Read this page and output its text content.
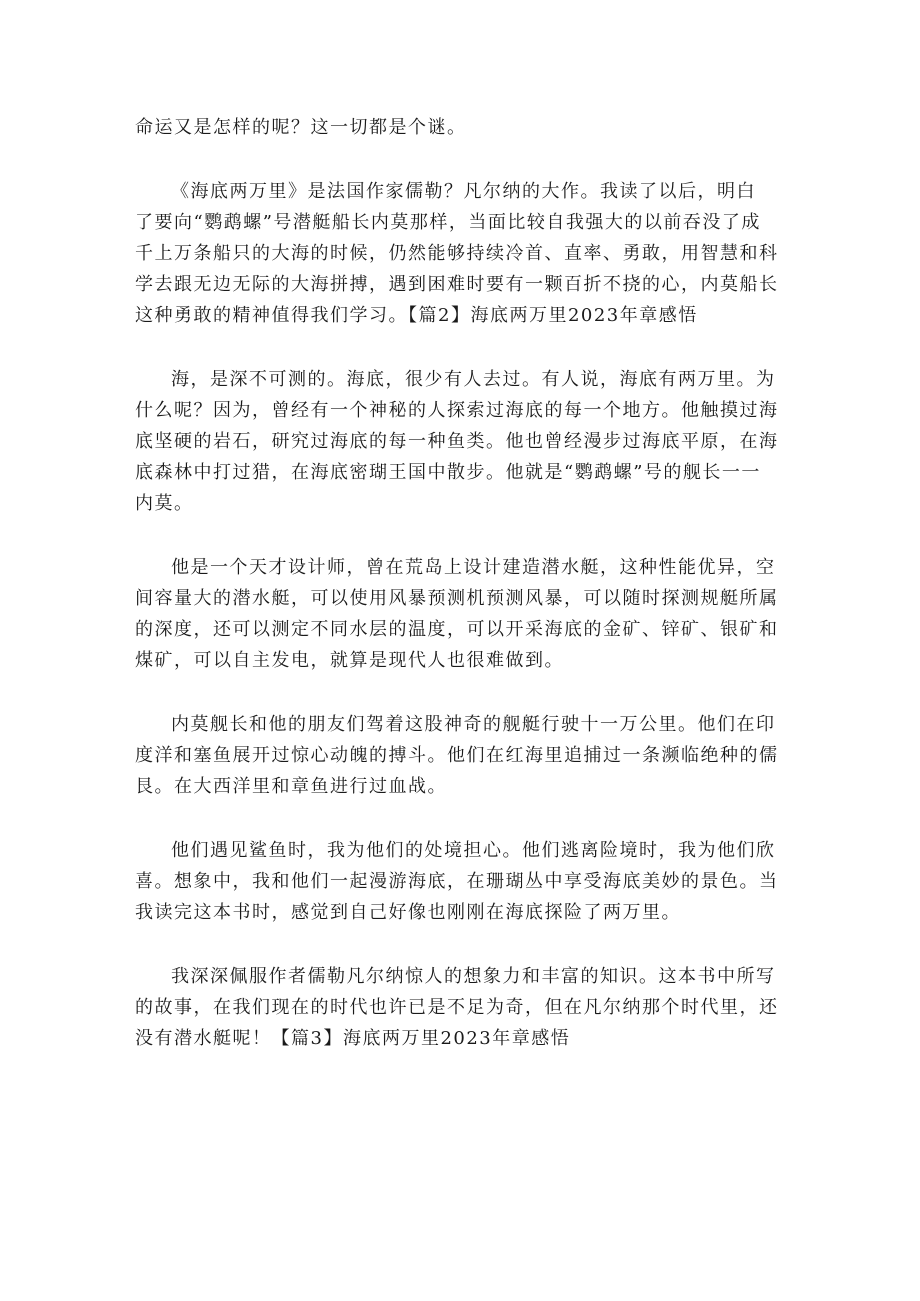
命运又是怎样的呢？这一切都是个谜。

《海底两万里》是法国作家儒勒？凡尔纳的大作。我读了以后，明白
了要向“鹦鹉螺”号潜艇船长内莫那样，当面比较自我强大的以前吞没了成
千上万条船只的大海的时候，仍然能够持续冷首、直率、勇敢，用智慧和科
学去跟无边无际的大海拼搏，遇到困难时要有一颗百折不挠的心，内莫船长
这种勇敢的精神值得我们学习。【篇2】海底两万里2023年章感悟

海，是深不可测的。海底，很少有人去过。有人说，海底有两万里。为
什么呢？因为，曾经有一个神秘的人探索过海底的每一个地方。他触摸过海
底坚硬的岩石，研究过海底的每一种鱼类。他也曾经漫步过海底平原，在海
底森林中打过猎，在海底密瑚王国中散步。他就是“鹦鹉螺”号的舰长一一
内莫。

他是一个天才设计师，曾在荒岛上设计建造潜水艇，这种性能优异，空
间容量大的潜水艇，可以使用风暴预测机预测风暴，可以随时探测规艇所属
的深度，还可以测定不同水层的温度，可以开采海底的金矿、锌矿、银矿和
煤矿，可以自主发电，就算是现代人也很难做到。

内莫舰长和他的朋友们驾着这股神奇的舰艇行驶十一万公里。他们在印
度洋和塞鱼展开过惊心动魄的搏斗。他们在红海里追捕过一条濒临绝种的儒
艮。在大西洋里和章鱼进行过血战。

他们遇见鲨鱼时，我为他们的处境担心。他们逃离险境时，我为他们欣
喜。想象中，我和他们一起漫游海底，在珊瑚丛中享受海底美妙的景色。当
我读完这本书时，感觉到自己好像也刚刚在海底探险了两万里。

我深深佩服作者儒勒凡尔纳惊人的想象力和丰富的知识。这本书中所写
的故事，在我们现在的时代也许已是不足为奇，但在凡尔纳那个时代里，还
没有潜水艇呢！【篇3】海底两万里2023年章感悟
